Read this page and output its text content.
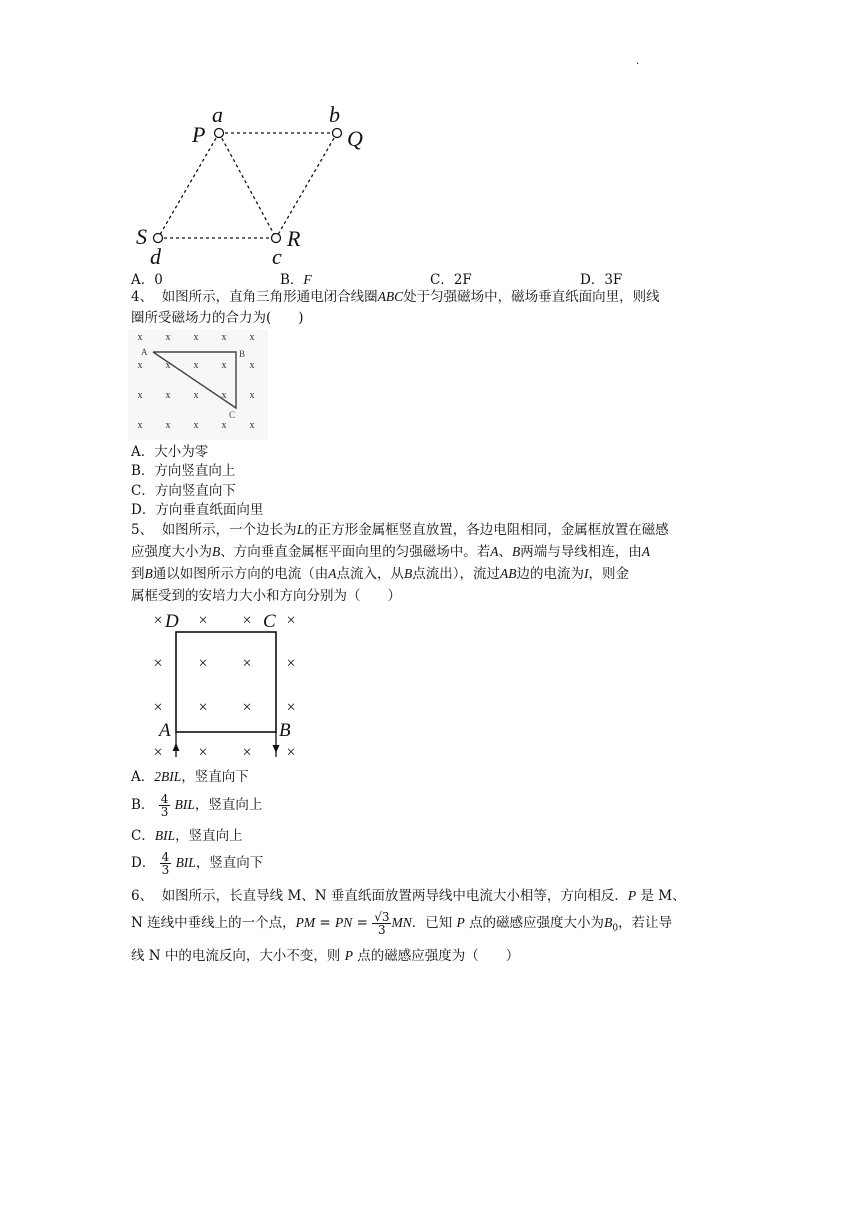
.
a	b
P	Q
S
d	c
R
A．0	B．F	C．2F	D．3F
4、 如图所示，直角三角形通电闭合线圈ABC处于匀强磁场中，磁场垂直纸面向里，则线
圈所受磁场力的合力为(　　)
x x x x x
x x x x x
x x x x x
x x x x x
A	B
C
A．大小为零
B．方向竖直向上
C．方向竖直向下
D．方向垂直纸面向里
5、 如图所示，一个边长为L的正方形金属框竖直放置，各边电阻相同，金属框放置在磁感
应强度大小为B、方向垂直金属框平面向里的匀强磁场中。若A、B两端与导线相连，由A
到B通以如图所示方向的电流（由A点流入，从B点流出），流过AB边的电流为I，则金
属框受到的安培力大小和方向分别为（　　）
× × × ×
× × × ×
× × × ×
× × × ×
D	C
A	B
A．2BIL，竖直向下
B． $\frac{4}{3}$ BIL，竖直向上
C．BIL，竖直向上
D． $\frac{4}{3}$ BIL，竖直向下
6、 如图所示，长直导线 M、N 垂直纸面放置两导线中电流大小相等，方向相反．P 是 M、
N 连线中垂线上的一个点，PM = PN = $\frac{√3}{3}$ MN．已知 P 点的磁感应强度大小为$B_0$，若让导
线 N 中的电流反向，大小不变，则 P 点的磁感应强度为（　　）
